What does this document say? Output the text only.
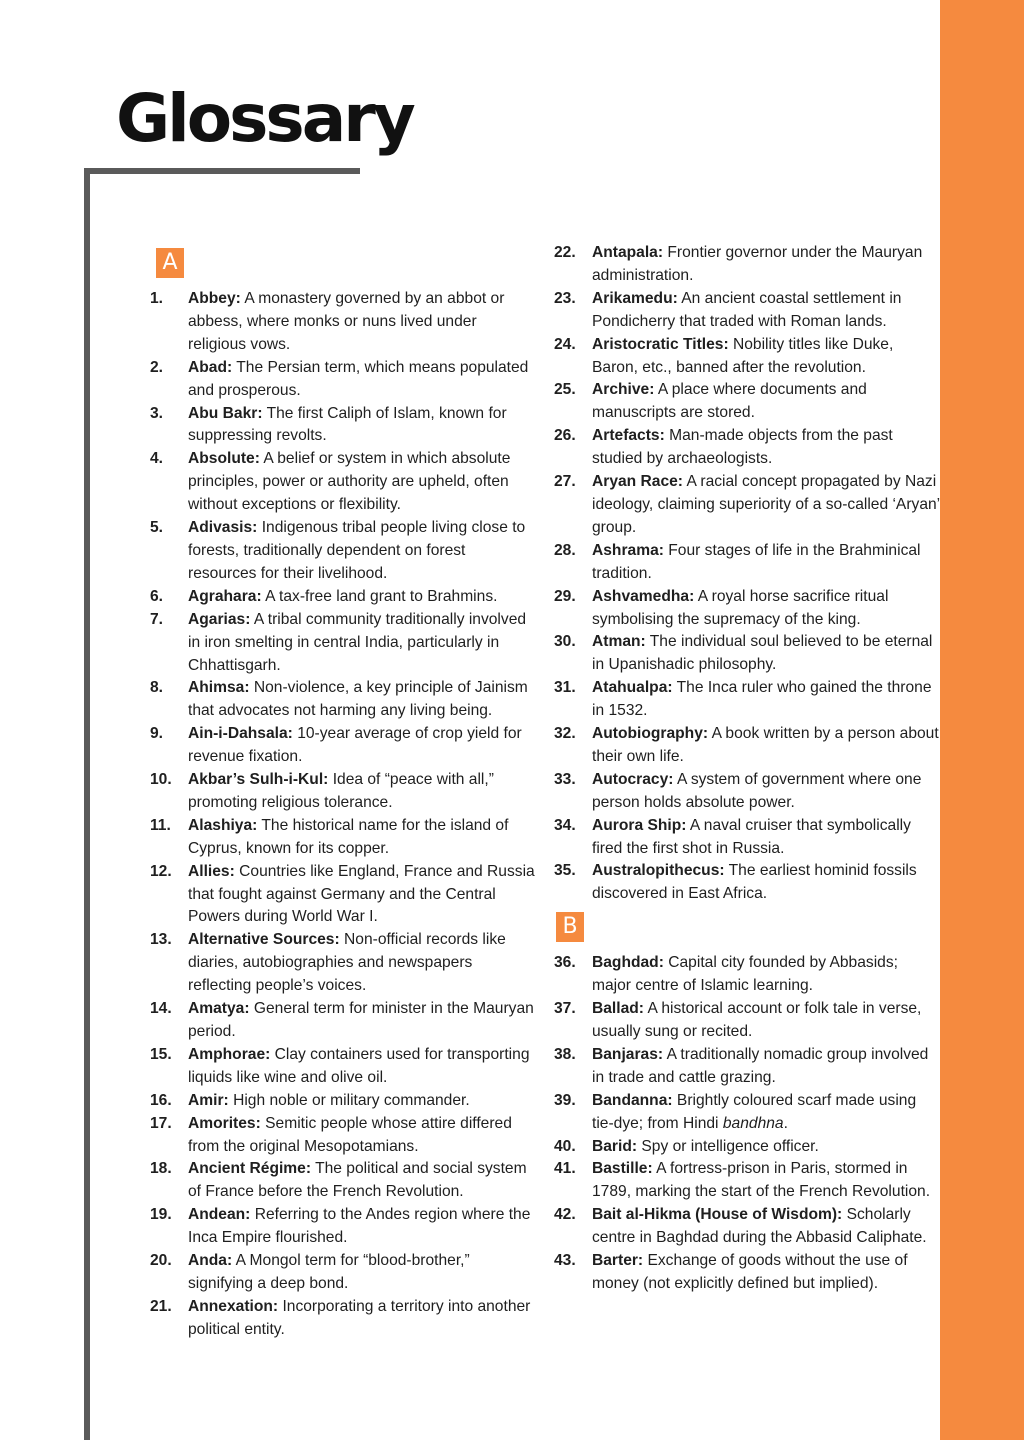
Glossary
A
1.	Abbey: A monastery governed by an abbot or abbess, where monks or nuns lived under religious vows.
2.	Abad: The Persian term, which means populated and prosperous.
3.	Abu Bakr: The first Caliph of Islam, known for suppressing revolts.
4.	Absolute: A belief or system in which absolute principles, power or authority are upheld, often without exceptions or flexibility.
5.	Adivasis: Indigenous tribal people living close to forests, traditionally dependent on forest resources for their livelihood.
6.	Agrahara: A tax-free land grant to Brahmins.
7.	Agarias: A tribal community traditionally involved in iron smelting in central India, particularly in Chhattisgarh.
8.	Ahimsa: Non-violence, a key principle of Jainism that advocates not harming any living being.
9.	Ain-i-Dahsala: 10-year average of crop yield for revenue fixation.
10.	Akbar’s Sulh-i-Kul: Idea of “peace with all,” promoting religious tolerance.
11.	Alashiya: The historical name for the island of Cyprus, known for its copper.
12.	Allies: Countries like England, France and Russia that fought against Germany and the Central Powers during World War I.
13.	Alternative Sources: Non-official records like diaries, autobiographies and newspapers reflecting people’s voices.
14.	Amatya: General term for minister in the Mauryan period.
15.	Amphorae: Clay containers used for transporting liquids like wine and olive oil.
16.	Amir: High noble or military commander.
17.	Amorites: Semitic people whose attire differed from the original Mesopotamians.
18.	Ancient Régime: The political and social system of France before the French Revolution.
19.	Andean: Referring to the Andes region where the Inca Empire flourished.
20.	Anda: A Mongol term for “blood-brother,” signifying a deep bond.
21.	Annexation: Incorporating a territory into another political entity.
22.	Antapala: Frontier governor under the Mauryan administration.
23.	Arikamedu: An ancient coastal settlement in Pondicherry that traded with Roman lands.
24.	Aristocratic Titles: Nobility titles like Duke, Baron, etc., banned after the revolution.
25.	Archive: A place where documents and manuscripts are stored.
26.	Artefacts: Man-made objects from the past studied by archaeologists.
27.	Aryan Race: A racial concept propagated by Nazi ideology, claiming superiority of a so-called ‘Aryan’ group.
28.	Ashrama: Four stages of life in the Brahminical tradition.
29.	Ashvamedha: A royal horse sacrifice ritual symbolising the supremacy of the king.
30.	Atman: The individual soul believed to be eternal in Upanishadic philosophy.
31.	Atahualpa: The Inca ruler who gained the throne in 1532.
32.	Autobiography: A book written by a person about their own life.
33.	Autocracy: A system of government where one person holds absolute power.
34.	Aurora Ship: A naval cruiser that symbolically fired the first shot in Russia.
35.	Australopithecus: The earliest hominid fossils discovered in East Africa.
B
36.	Baghdad: Capital city founded by Abbasids; major centre of Islamic learning.
37.	Ballad: A historical account or folk tale in verse, usually sung or recited.
38.	Banjaras: A traditionally nomadic group involved in trade and cattle grazing.
39.	Bandanna: Brightly coloured scarf made using tie-dye; from Hindi bandhna.
40.	Barid: Spy or intelligence officer.
41.	Bastille: A fortress-prison in Paris, stormed in 1789, marking the start of the French Revolution.
42.	Bait al-Hikma (House of Wisdom): Scholarly centre in Baghdad during the Abbasid Caliphate.
43.	Barter: Exchange of goods without the use of money (not explicitly defined but implied).
